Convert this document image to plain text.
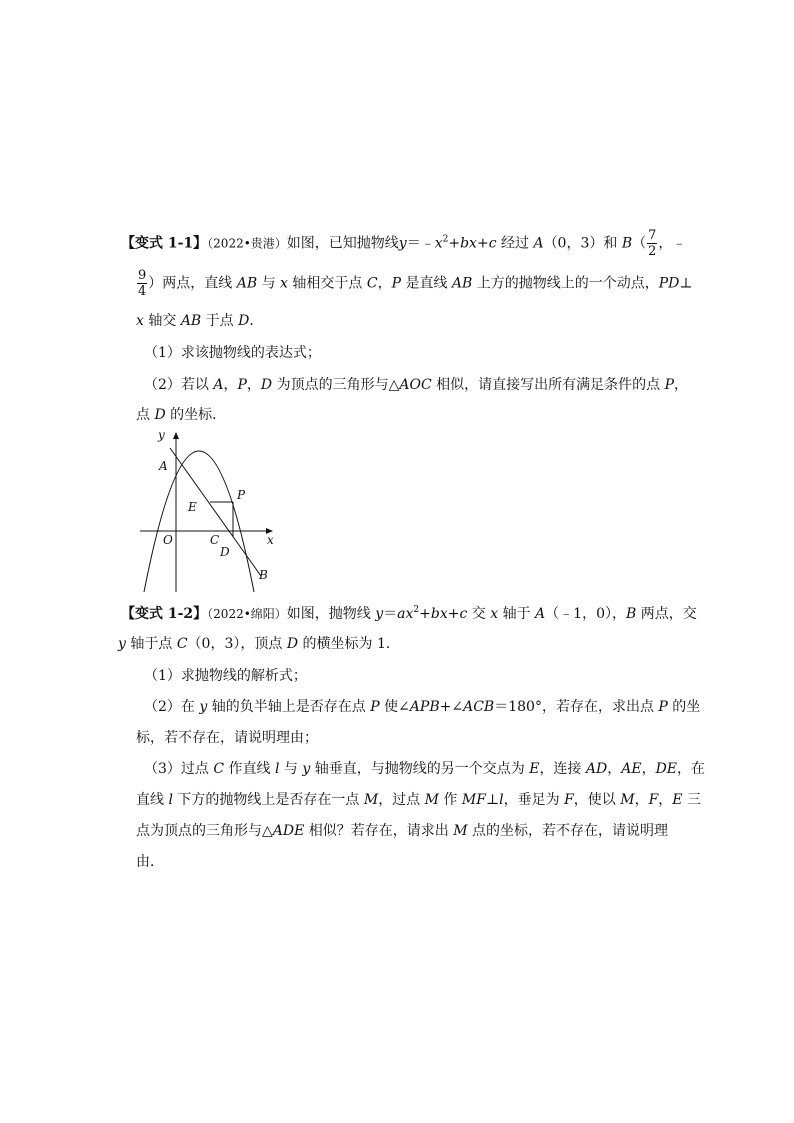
【变式 1-1】（2022•贵港）如图，已知抛物线$y=﹣x^2+bx+c$ 经过 A（0，3）和 $B( \frac{7}{2}$ ，﹣
$\frac{9}{4}$ ）两点，直线 AB 与 x 轴相交于点 C，P 是直线 AB 上方的抛物线上的一个动点，PD⊥
x 轴交 AB 于点 D．
（1）求该抛物线的表达式；
（2）若以 A，P，D 为顶点的三角形与△AOC 相似，请直接写出所有满足条件的点 P，
点 D 的坐标．
y
A
P
E
O	C	x
D
B
【变式 1-2】（2022•绵阳）如图，抛物线 $y=ax^2+bx+c$ 交 x 轴于 A（﹣1，0），B 两点，交
y 轴于点 C（0，3），顶点 D 的横坐标为 1．
（1）求抛物线的解析式；
（2）在 y 轴的负半轴上是否存在点 P 使∠APB+∠ACB＝180°，若存在，求出点 P 的坐
标，若不存在，请说明理由；
（3）过点 C 作直线 l 与 y 轴垂直，与抛物线的另一个交点为 E，连接 AD，AE，DE，在
直线 l 下方的抛物线上是否存在一点 M，过点 M 作 MF⊥l，垂足为 F，使以 M，F，E 三
点为顶点的三角形与△ADE 相似？若存在，请求出 M 点的坐标，若不存在，请说明理
由．
